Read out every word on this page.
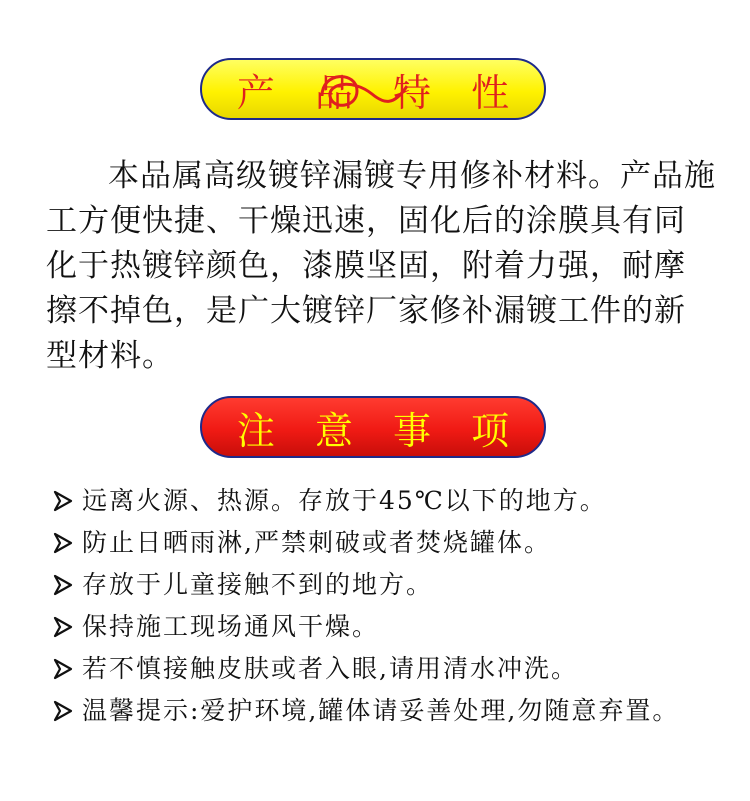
产 品 特 性

本品属高级镀锌漏镀专用修补材料。产品施工方便快捷、干燥迅速，固化后的涂膜具有同化于热镀锌颜色，漆膜坚固，附着力强，耐摩擦不掉色，是广大镀锌厂家修补漏镀工件的新型材料。

注 意 事 项
远离火源、热源。存放于45℃以下的地方。
防止日晒雨淋,严禁刺破或者焚烧罐体。
存放于儿童接触不到的地方。
保持施工现场通风干燥。
若不慎接触皮肤或者入眼,请用清水冲洗。
温馨提示:爱护环境,罐体请妥善处理,勿随意弃置。
